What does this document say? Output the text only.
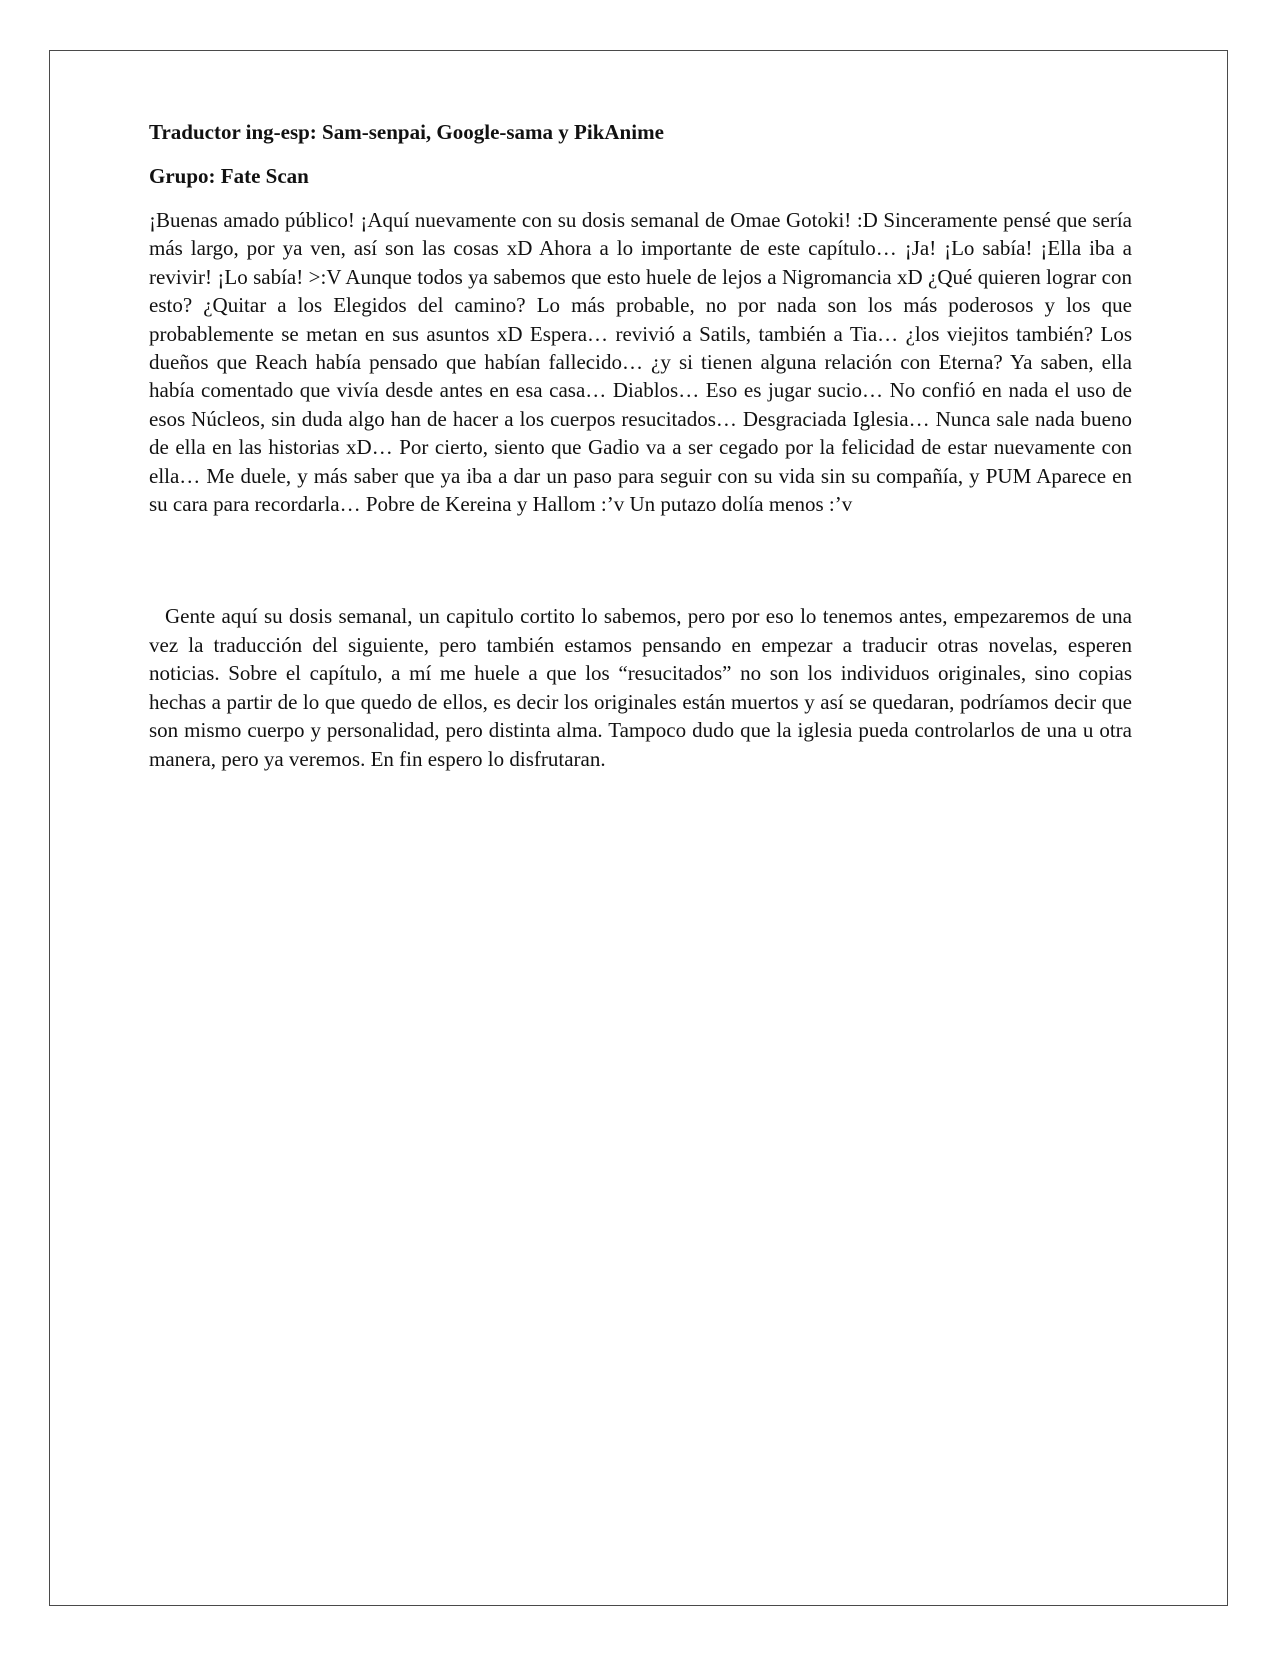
Traductor ing-esp: Sam-senpai, Google-sama y PikAnime

Grupo: Fate Scan

¡Buenas amado público! ¡Aquí nuevamente con su dosis semanal de Omae Gotoki! :D Sinceramente pensé que sería más largo, por ya ven, así son las cosas xD Ahora a lo importante de este capítulo… ¡Ja! ¡Lo sabía! ¡Ella iba a revivir! ¡Lo sabía! >:V Aunque todos ya sabemos que esto huele de lejos a Nigromancia xD ¿Qué quieren lograr con esto? ¿Quitar a los Elegidos del camino? Lo más probable, no por nada son los más poderosos y los que probablemente se metan en sus asuntos xD Espera… revivió a Satils, también a Tia… ¿los viejitos también? Los dueños que Reach había pensado que habían fallecido… ¿y si tienen alguna relación con Eterna? Ya saben, ella había comentado que vivía desde antes en esa casa… Diablos… Eso es jugar sucio… No confió en nada el uso de esos Núcleos, sin duda algo han de hacer a los cuerpos resucitados… Desgraciada Iglesia… Nunca sale nada bueno de ella en las historias xD… Por cierto, siento que Gadio va a ser cegado por la felicidad de estar nuevamente con ella… Me duele, y más saber que ya iba a dar un paso para seguir con su vida sin su compañía, y PUM Aparece en su cara para recordarla… Pobre de Kereina y Hallom :’v Un putazo dolía menos :’v

Gente aquí su dosis semanal, un capitulo cortito lo sabemos, pero por eso lo tenemos antes, empezaremos de una vez la traducción del siguiente, pero también estamos pensando en empezar a traducir otras novelas, esperen noticias. Sobre el capítulo, a mí me huele a que los “resucitados” no son los individuos originales, sino copias hechas a partir de lo que quedo de ellos, es decir los originales están muertos y así se quedaran, podríamos decir que son mismo cuerpo y personalidad, pero distinta alma. Tampoco dudo que la iglesia pueda controlarlos de una u otra manera, pero ya veremos. En fin espero lo disfrutaran.
